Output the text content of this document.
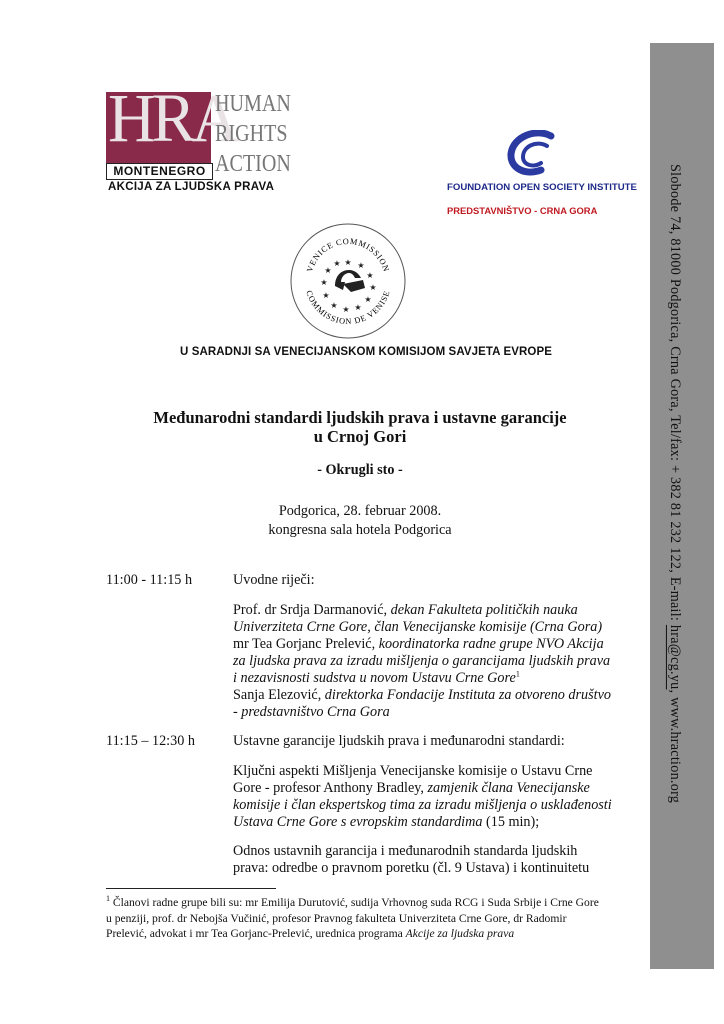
Slobode 74, 81000 Podgorica, Crna Gora, Tel/fax: + 382 81 232 122, E-mail: hra@cg.yu, www.hraction.org
HRA
MONTENEGRO
HUMAN
RIGHTS
ACTION
AKCIJA ZA LJUDSKA PRAVA	FOUNDATION OPEN SOCIETY INSTITUTE
PREDSTAVNIŠTVO - CRNA GORA
VENICE COMMISSION
COMMISSION DE VENISE
★ ★
★
★
★
★
★
★
★
★
★
★
U SARADNJI SA VENECIJANSKOM KOMISIJOM SAVJETA EVROPE
Međunarodni standardi ljudskih prava i ustavne garancije
u Crnoj Gori
- Okrugli sto -
Podgorica, 28. februar 2008.
kongresna sala hotela Podgorica
11:00 - 11:15 h	Uvodne riječi:
Prof. dr Srdja Darmanović, dekan Fakulteta političkih nauka
Univerziteta Crne Gore, član Venecijanske komisije (Crna Gora)
mr Tea Gorjanc Prelević, koordinatorka radne grupe NVO Akcija
za ljudska prava za izradu mišljenja o garancijama ljudskih prava
i nezavisnosti sudstva u novom Ustavu Crne Gore$^1$
Sanja Elezović, direktorka Fondacije Instituta za otvoreno društvo
- predstavništvo Crna Gora
11:15 – 12:30 h	Ustavne garancije ljudskih prava i međunarodni standardi:
Ključni aspekti Mišljenja Venecijanske komisije o Ustavu Crne
Gore - profesor Anthony Bradley, zamjenik člana Venecijanske
komisije i član ekspertskog tima za izradu mišljenja o usklađenosti
Ustava Crne Gore s evropskim standardima (15 min);
Odnos ustavnih garancija i međunarodnih standarda ljudskih
prava: odredbe o pravnom poretku (čl. 9 Ustava) i kontinuitetu
$^1$ Članovi radne grupe bili su: mr Emilija Durutović, sudija Vrhovnog suda RCG i Suda Srbije i Crne Gore
u penziji, prof. dr Nebojša Vučinić, profesor Pravnog fakulteta Univerziteta Crne Gore, dr Radomir
Prelević, advokat i mr Tea Gorjanc-Prelević, urednica programa Akcije za ljudska prava
